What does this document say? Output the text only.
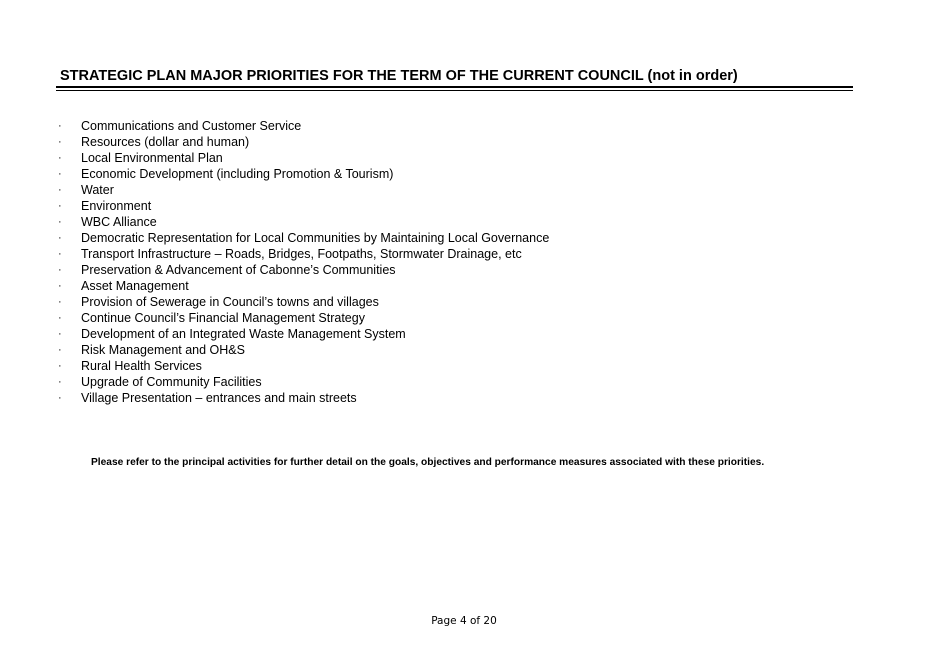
STRATEGIC PLAN MAJOR PRIORITIES FOR THE TERM OF THE CURRENT COUNCIL (not in order)
· Communications and Customer Service
· Resources (dollar and human)
· Local Environmental Plan
· Economic Development (including Promotion & Tourism)
· Water
· Environment
· WBC Alliance
· Democratic Representation for Local Communities by Maintaining Local Governance
· Transport Infrastructure – Roads, Bridges, Footpaths, Stormwater Drainage, etc
· Preservation & Advancement of Cabonne’s Communities
· Asset Management
· Provision of Sewerage in Council’s towns and villages
· Continue Council’s Financial Management Strategy
· Development of an Integrated Waste Management System
· Risk Management and OH&S
· Rural Health Services
· Upgrade of Community Facilities
· Village Presentation – entrances and main streets
Please refer to the principal activities for further detail on the goals, objectives and performance measures associated with these priorities.
Page 4 of 20
